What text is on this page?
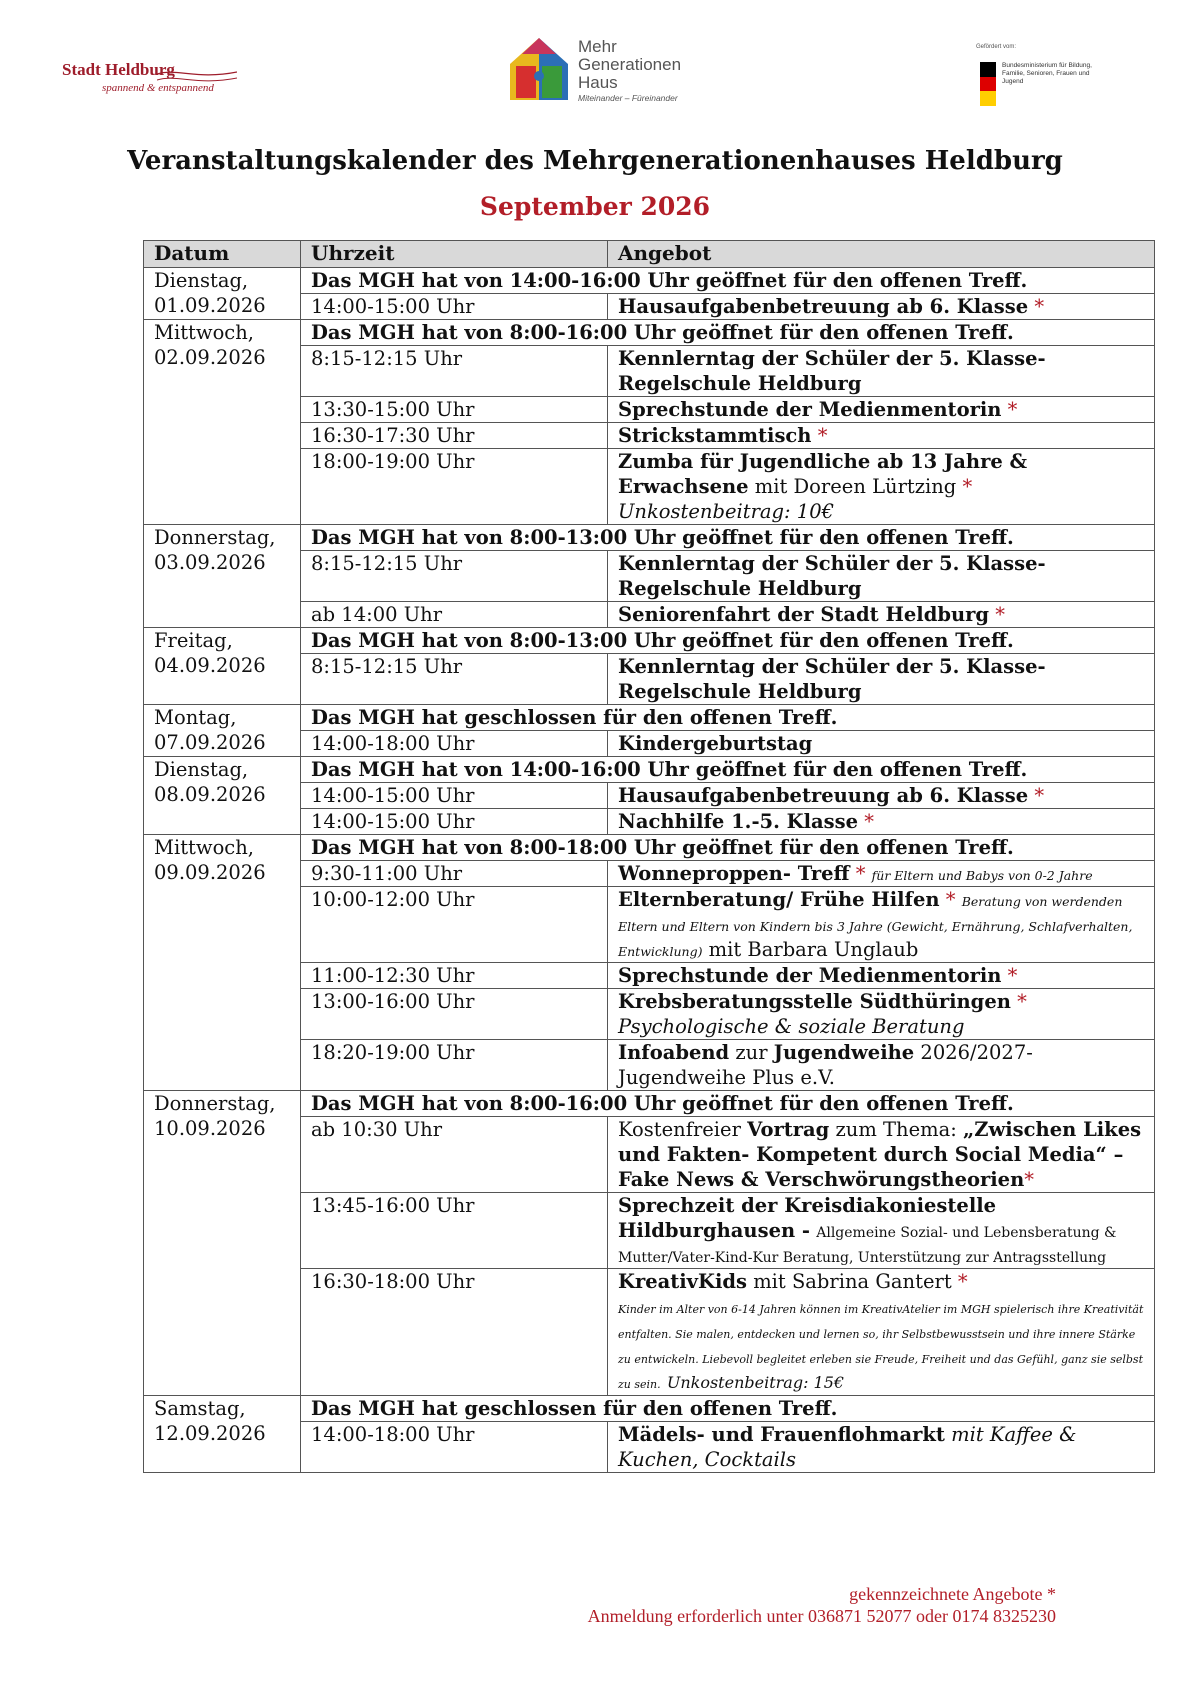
Stadt Heldburg
spannend & entspannend
Mehr
Generationen
Haus
Miteinander – Füreinander
Gefördert vom:
Bundesministerium für Bildung, Familie, Senioren, Frauen und Jugend
Veranstaltungskalender des Mehrgenerationenhauses Heldburg
September 2026
Datum	Uhrzeit	Angebot
Dienstag,
01.09.2026	Das MGH hat von 14:00-16:00 Uhr geöffnet für den offenen Treff.	
	14:00-15:00 Uhr	Hausaufgabenbetreuung ab 6. Klasse *
Mittwoch,
02.09.2026	Das MGH hat von 8:00-16:00 Uhr geöffnet für den offenen Treff.	
	8:15-12:15 Uhr	Kennlerntag der Schüler der 5. Klasse-
Regelschule Heldburg
	13:30-15:00 Uhr	Sprechstunde der Medienmentorin *
	16:30-17:30 Uhr	Strickstammtisch *
	18:00-19:00 Uhr	Zumba für Jugendliche ab 13 Jahre &
Erwachsene mit Doreen Lürtzing *
Unkostenbeitrag: 10€
Donnerstag,
03.09.2026	Das MGH hat von 8:00-13:00 Uhr geöffnet für den offenen Treff.	
	8:15-12:15 Uhr	Kennlerntag der Schüler der 5. Klasse-
Regelschule Heldburg
	ab 14:00 Uhr	Seniorenfahrt der Stadt Heldburg *
Freitag,
04.09.2026	Das MGH hat von 8:00-13:00 Uhr geöffnet für den offenen Treff.	
	8:15-12:15 Uhr	Kennlerntag der Schüler der 5. Klasse-
Regelschule Heldburg
Montag,
07.09.2026	Das MGH hat geschlossen für den offenen Treff.	
	14:00-18:00 Uhr	Kindergeburtstag
Dienstag,
08.09.2026	Das MGH hat von 14:00-16:00 Uhr geöffnet für den offenen Treff.	
	14:00-15:00 Uhr	Hausaufgabenbetreuung ab 6. Klasse *
	14:00-15:00 Uhr	Nachhilfe 1.-5. Klasse *
Mittwoch,
09.09.2026	Das MGH hat von 8:00-18:00 Uhr geöffnet für den offenen Treff.	
	9:30-11:00 Uhr	Wonneproppen- Treff * für Eltern und Babys von 0-2 Jahre
	10:00-12:00 Uhr	Elternberatung/ Frühe Hilfen * Beratung von werdenden Eltern und Eltern von Kindern bis 3 Jahre (Gewicht, Ernährung, Schlafverhalten, Entwicklung) mit Barbara Unglaub
	11:00-12:30 Uhr	Sprechstunde der Medienmentorin *
	13:00-16:00 Uhr	Krebsberatungsstelle Südthüringen *
Psychologische & soziale Beratung
	18:20-19:00 Uhr	Infoabend zur Jugendweihe 2026/2027-
Jugendweihe Plus e.V.
Donnerstag,
10.09.2026	Das MGH hat von 8:00-16:00 Uhr geöffnet für den offenen Treff.	
	ab 10:30 Uhr	Kostenfreier Vortrag zum Thema: „Zwischen Likes und Fakten- Kompetent durch Social Media“ – Fake News & Verschwörungstheorien*
	13:45-16:00 Uhr	Sprechzeit der Kreisdiakoniestelle Hildburghausen - Allgemeine Sozial- und Lebensberatung & Mutter/Vater-Kind-Kur Beratung, Unterstützung zur Antragsstellung
	16:30-18:00 Uhr	KreativKids mit Sabrina Gantert *
Kinder im Alter von 6-14 Jahren können im KreativAtelier im MGH spielerisch ihre Kreativität entfalten. Sie malen, entdecken und lernen so, ihr Selbstbewusstsein und ihre innere Stärke zu entwickeln. Liebevoll begleitet erleben sie Freude, Freiheit und das Gefühl, ganz sie selbst zu sein. Unkostenbeitrag: 15€
Samstag,
12.09.2026	Das MGH hat geschlossen für den offenen Treff.	
	14:00-18:00 Uhr	Mädels- und Frauenflohmarkt mit Kaffee & Kuchen, Cocktails
gekennzeichnete Angebote *
Anmeldung erforderlich unter 036871 52077 oder 0174 8325230
